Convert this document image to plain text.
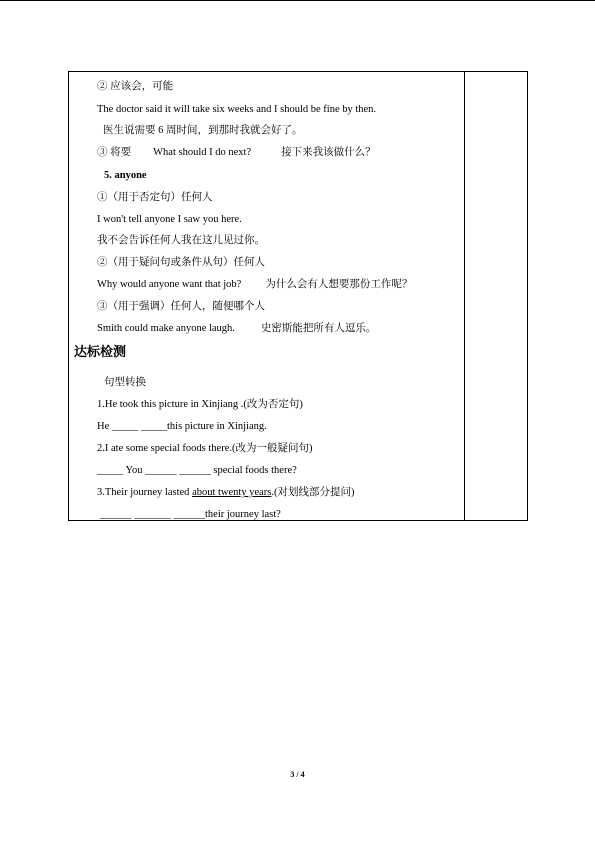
② 应该会，可能
The doctor said it will take six weeks and I should be fine by then.
医生说需要 6 周时间，到那时我就会好了。
③ 将要 What should I do next?	接下来我该做什么？
5. anyone
①（用于否定句）任何人
I won't tell anyone I saw you here.
我不会告诉任何人我在这儿见过你。
②（用于疑问句或条件从句）任何人
Why would anyone want that job? 为什么会有人想要那份工作呢？
③（用于强调）任何人，随便哪个人
Smith could make anyone laugh. 史密斯能把所有人逗乐。
达标检测
句型转换
1.He took this picture in Xinjiang .(改为否定句)
He _____ _____this picture in Xinjiang.
2.I ate some special foods there.(改为一般疑问句)
_____ You ______ ______ special foods there?
3.Their journey lasted about twenty years.(对划线部分提问)
______ _______ ______their journey last?
3 / 4
